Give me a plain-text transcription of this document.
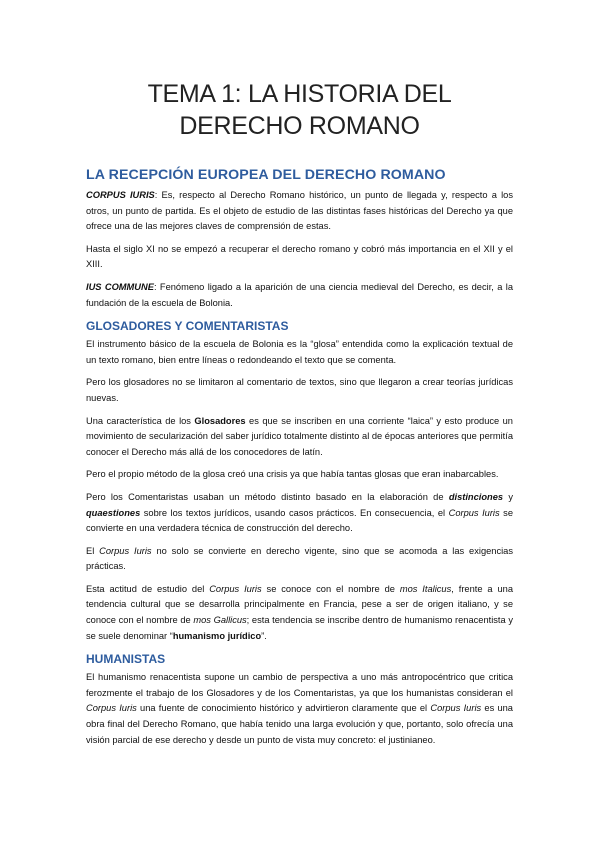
TEMA 1: LA HISTORIA DEL DERECHO ROMANO
LA RECEPCIÓN EUROPEA DEL DERECHO ROMANO

CORPUS IURIS: Es, respecto al Derecho Romano histórico, un punto de llegada y, respecto a los otros, un punto de partida. Es el objeto de estudio de las distintas fases históricas del Derecho ya que ofrece una de las mejores claves de comprensión de estas.

Hasta el siglo XI no se empezó a recuperar el derecho romano y cobró más importancia en el XII y el XIII.

IUS COMMUNE: Fenómeno ligado a la aparición de una ciencia medieval del Derecho, es decir, a la fundación de la escuela de Bolonia.

GLOSADORES Y COMENTARISTAS

El instrumento básico de la escuela de Bolonia es la “glosa” entendida como la explicación textual de un texto romano, bien entre líneas o redondeando el texto que se comenta.

Pero los glosadores no se limitaron al comentario de textos, sino que llegaron a crear teorías jurídicas nuevas.

Una característica de los Glosadores es que se inscriben en una corriente “laica” y esto produce un movimiento de secularización del saber jurídico totalmente distinto al de épocas anteriores que permitía conocer el Derecho más allá de los conocedores de latín.

Pero el propio método de la glosa creó una crisis ya que había tantas glosas que eran inabarcables.

Pero los Comentaristas usaban un método distinto basado en la elaboración de distinciones y quaestiones sobre los textos jurídicos, usando casos prácticos. En consecuencia, el Corpus Iuris se convierte en una verdadera técnica de construcción del derecho.

El Corpus Iuris no solo se convierte en derecho vigente, sino que se acomoda a las exigencias prácticas.

Esta actitud de estudio del Corpus Iuris se conoce con el nombre de mos Italicus, frente a una tendencia cultural que se desarrolla principalmente en Francia, pese a ser de origen italiano, y se conoce con el nombre de mos Gallicus; esta tendencia se inscribe dentro de humanismo renacentista y se suele denominar “humanismo jurídico”.

HUMANISTAS

El humanismo renacentista supone un cambio de perspectiva a uno más antropocéntrico que critica ferozmente el trabajo de los Glosadores y de los Comentaristas, ya que los humanistas consideran el Corpus Iuris una fuente de conocimiento histórico y advirtieron claramente que el Corpus Iuris es una obra final del Derecho Romano, que había tenido una larga evolución y que, portanto, solo ofrecía una visión parcial de ese derecho y desde un punto de vista muy concreto: el justinianeo.
